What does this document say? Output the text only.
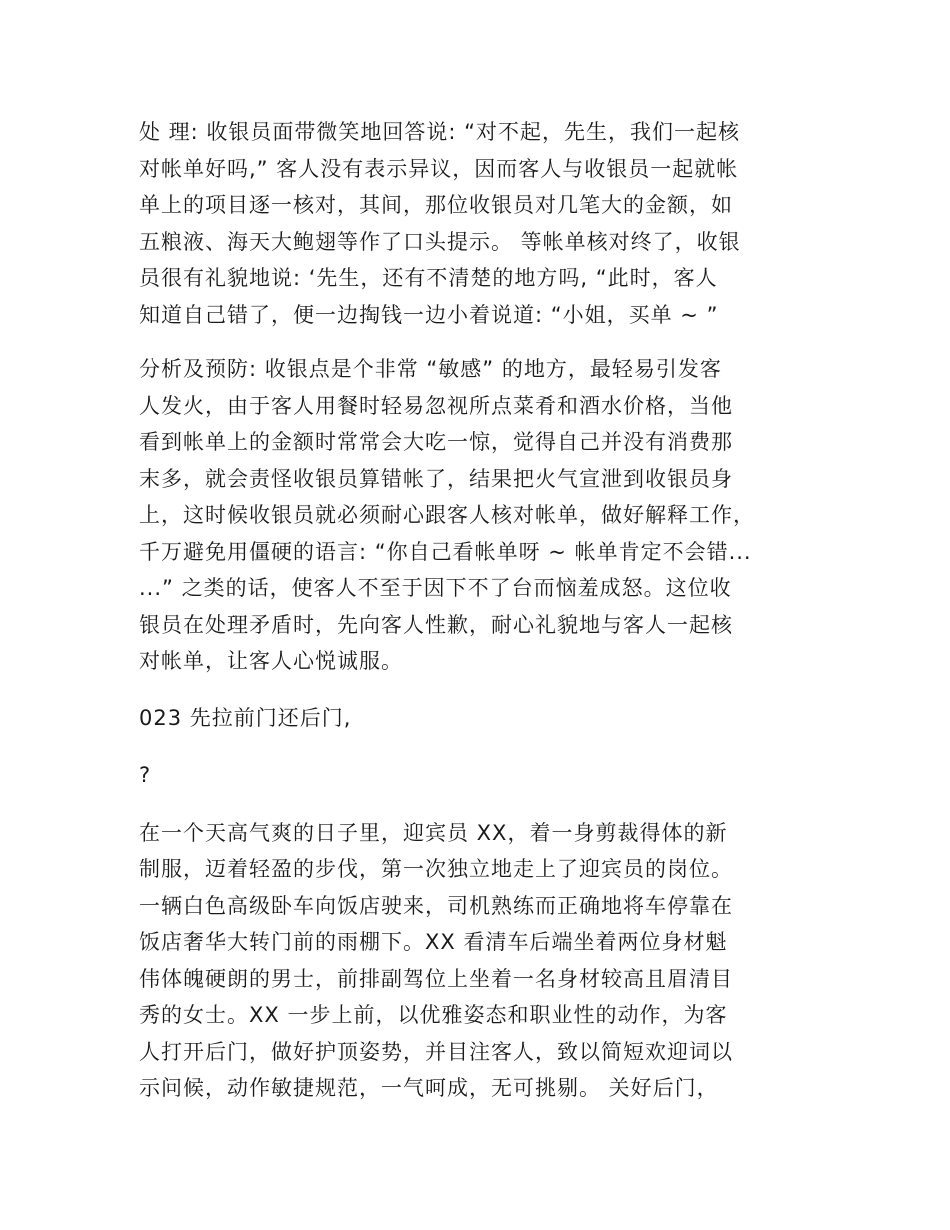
处 理: 收银员面带微笑地回答说: “对不起，先生，我们一起核
对帐单好吗,” 客人没有表示异议，因而客人与收银员一起就帐
单上的项目逐一核对，其间，那位收银员对几笔大的金额，如
五粮液、海天大鲍翅等作了口头提示。 等帐单核对终了，收银
员很有礼貌地说: ‘先生，还有不清楚的地方吗, “此时，客人
知道自己错了，便一边掏钱一边小着说道: “小姐，买单 ~ ”

分析及预防: 收银点是个非常 “敏感” 的地方，最轻易引发客
人发火，由于客人用餐时轻易忽视所点菜肴和酒水价格，当他
看到帐单上的金额时常常会大吃一惊，觉得自己并没有消费那
末多，就会责怪收银员算错帐了，结果把火气宣泄到收银员身
上，这时候收银员就必须耐心跟客人核对帐单，做好解释工作，
千万避免用僵硬的语言: “你自己看帐单呀 ~ 帐单肯定不会错...
...” 之类的话，使客人不至于因下不了台而恼羞成怒。这位收
银员在处理矛盾时，先向客人性歉，耐心礼貌地与客人一起核
对帐单，让客人心悦诚服。

023 先拉前门还后门,

?

在一个天高气爽的日子里，迎宾员 XX，着一身剪裁得体的新
制服，迈着轻盈的步伐，第一次独立地走上了迎宾员的岗位。
一辆白色高级卧车向饭店驶来，司机熟练而正确地将车停靠在
饭店奢华大转门前的雨棚下。XX 看清车后端坐着两位身材魁
伟体魄硬朗的男士，前排副驾位上坐着一名身材较高且眉清目
秀的女士。XX 一步上前，以优雅姿态和职业性的动作，为客
人打开后门，做好护顶姿势，并目注客人，致以简短欢迎词以
示问候，动作敏捷规范，一气呵成，无可挑剔。 关好后门，
